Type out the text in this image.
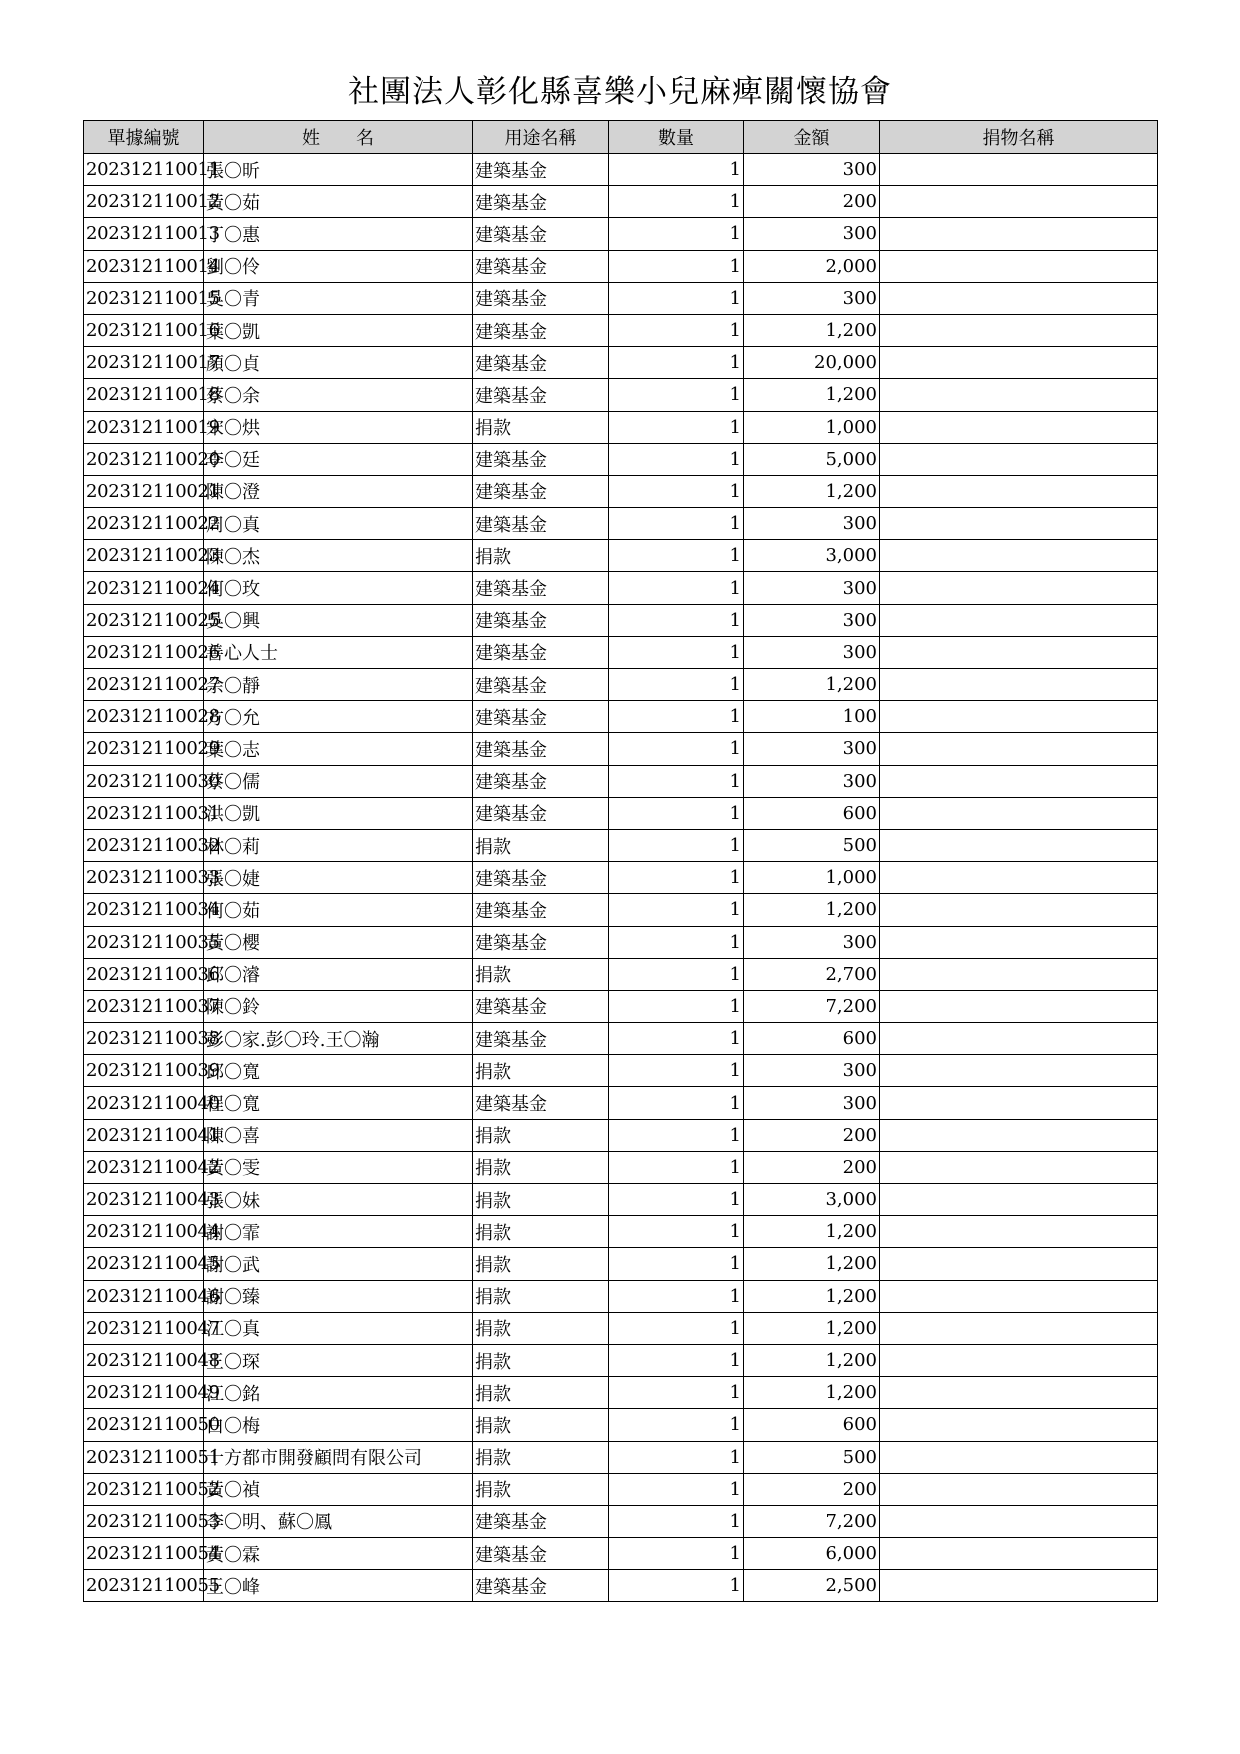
社團法人彰化縣喜樂小兒麻痺關懷協會
單據編號	姓　　名	用途名稱	數量	金額	捐物名稱
202312110011	張〇昕	建築基金	1	300	
202312110012	黃〇茹	建築基金	1	200	
202312110013	丁〇惠	建築基金	1	300	
202312110014	劉〇伶	建築基金	1	2,000	
202312110015	吳〇青	建築基金	1	300	
202312110016	葉〇凱	建築基金	1	1,200	
202312110017	顏〇貞	建築基金	1	20,000	
202312110018	蔡〇余	建築基金	1	1,200	
202312110019	宋〇烘	捐款	1	1,000	
202312110020	李〇廷	建築基金	1	5,000	
202312110021	陳〇澄	建築基金	1	1,200	
202312110022	周〇真	建築基金	1	300	
202312110023	陳〇杰	捐款	1	3,000	
202312110024	何〇玫	建築基金	1	300	
202312110025	吳〇興	建築基金	1	300	
202312110026	善心人士	建築基金	1	300	
202312110027	余〇靜	建築基金	1	1,200	
202312110028	方〇允	建築基金	1	100	
202312110029	葉〇志	建築基金	1	300	
202312110030	蔡〇儒	建築基金	1	300	
202312110031	洪〇凱	建築基金	1	600	
202312110032	林〇莉	捐款	1	500	
202312110033	張〇婕	建築基金	1	1,000	
202312110034	何〇茹	建築基金	1	1,200	
202312110035	黃〇櫻	建築基金	1	300	
202312110036	邱〇濬	捐款	1	2,700	
202312110037	陳〇鈴	建築基金	1	7,200	
202312110038	彭〇家.彭〇玲.王〇瀚	建築基金	1	600	
202312110039	邱〇寬	捐款	1	300	
202312110040	程〇寬	建築基金	1	300	
202312110041	陳〇喜	捐款	1	200	
202312110042	黃〇雯	捐款	1	200	
202312110043	張〇妹	捐款	1	3,000	
202312110044	謝〇霏	捐款	1	1,200	
202312110045	謝〇武	捐款	1	1,200	
202312110046	謝〇臻	捐款	1	1,200	
202312110047	江〇真	捐款	1	1,200	
202312110048	王〇琛	捐款	1	1,200	
202312110049	江〇銘	捐款	1	1,200	
202312110050	白〇梅	捐款	1	600	
202312110051	十方都市開發顧問有限公司	捐款	1	500	
202312110052	黃〇禎	捐款	1	200	
202312110053	李〇明、蘇〇鳳	建築基金	1	7,200	
202312110054	黃〇霖	建築基金	1	6,000	
202312110055	王〇峰	建築基金	1	2,500	
